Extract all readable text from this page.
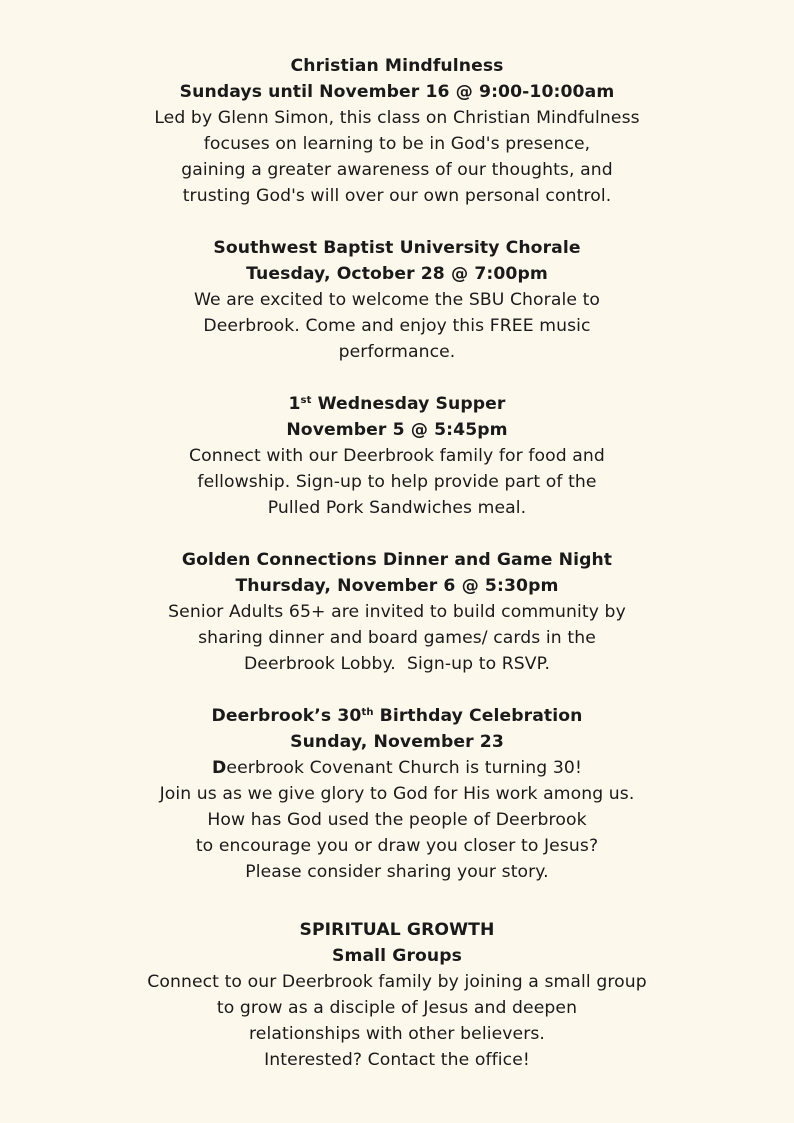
Christian Mindfulness
Sundays until November 16 @ 9:00-10:00am
Led by Glenn Simon, this class on Christian Mindfulness
focuses on learning to be in God's presence,
gaining a greater awareness of our thoughts, and
trusting God's will over our own personal control.
Southwest Baptist University Chorale
Tuesday, October 28 @ 7:00pm
We are excited to welcome the SBU Chorale to
Deerbrook. Come and enjoy this FREE music
performance.
1st Wednesday Supper
November 5 @ 5:45pm
Connect with our Deerbrook family for food and
fellowship. Sign-up to help provide part of the
Pulled Pork Sandwiches meal.
Golden Connections Dinner and Game Night
Thursday, November 6 @ 5:30pm
Senior Adults 65+ are invited to build community by
sharing dinner and board games/ cards in the
Deerbrook Lobby.  Sign-up to RSVP.
Deerbrook’s 30th Birthday Celebration
Sunday, November 23
Deerbrook Covenant Church is turning 30!
Join us as we give glory to God for His work among us.
How has God used the people of Deerbrook
to encourage you or draw you closer to Jesus?
Please consider sharing your story.
SPIRITUAL GROWTH
Small Groups
Connect to our Deerbrook family by joining a small group
to grow as a disciple of Jesus and deepen
relationships with other believers.
Interested? Contact the office!
